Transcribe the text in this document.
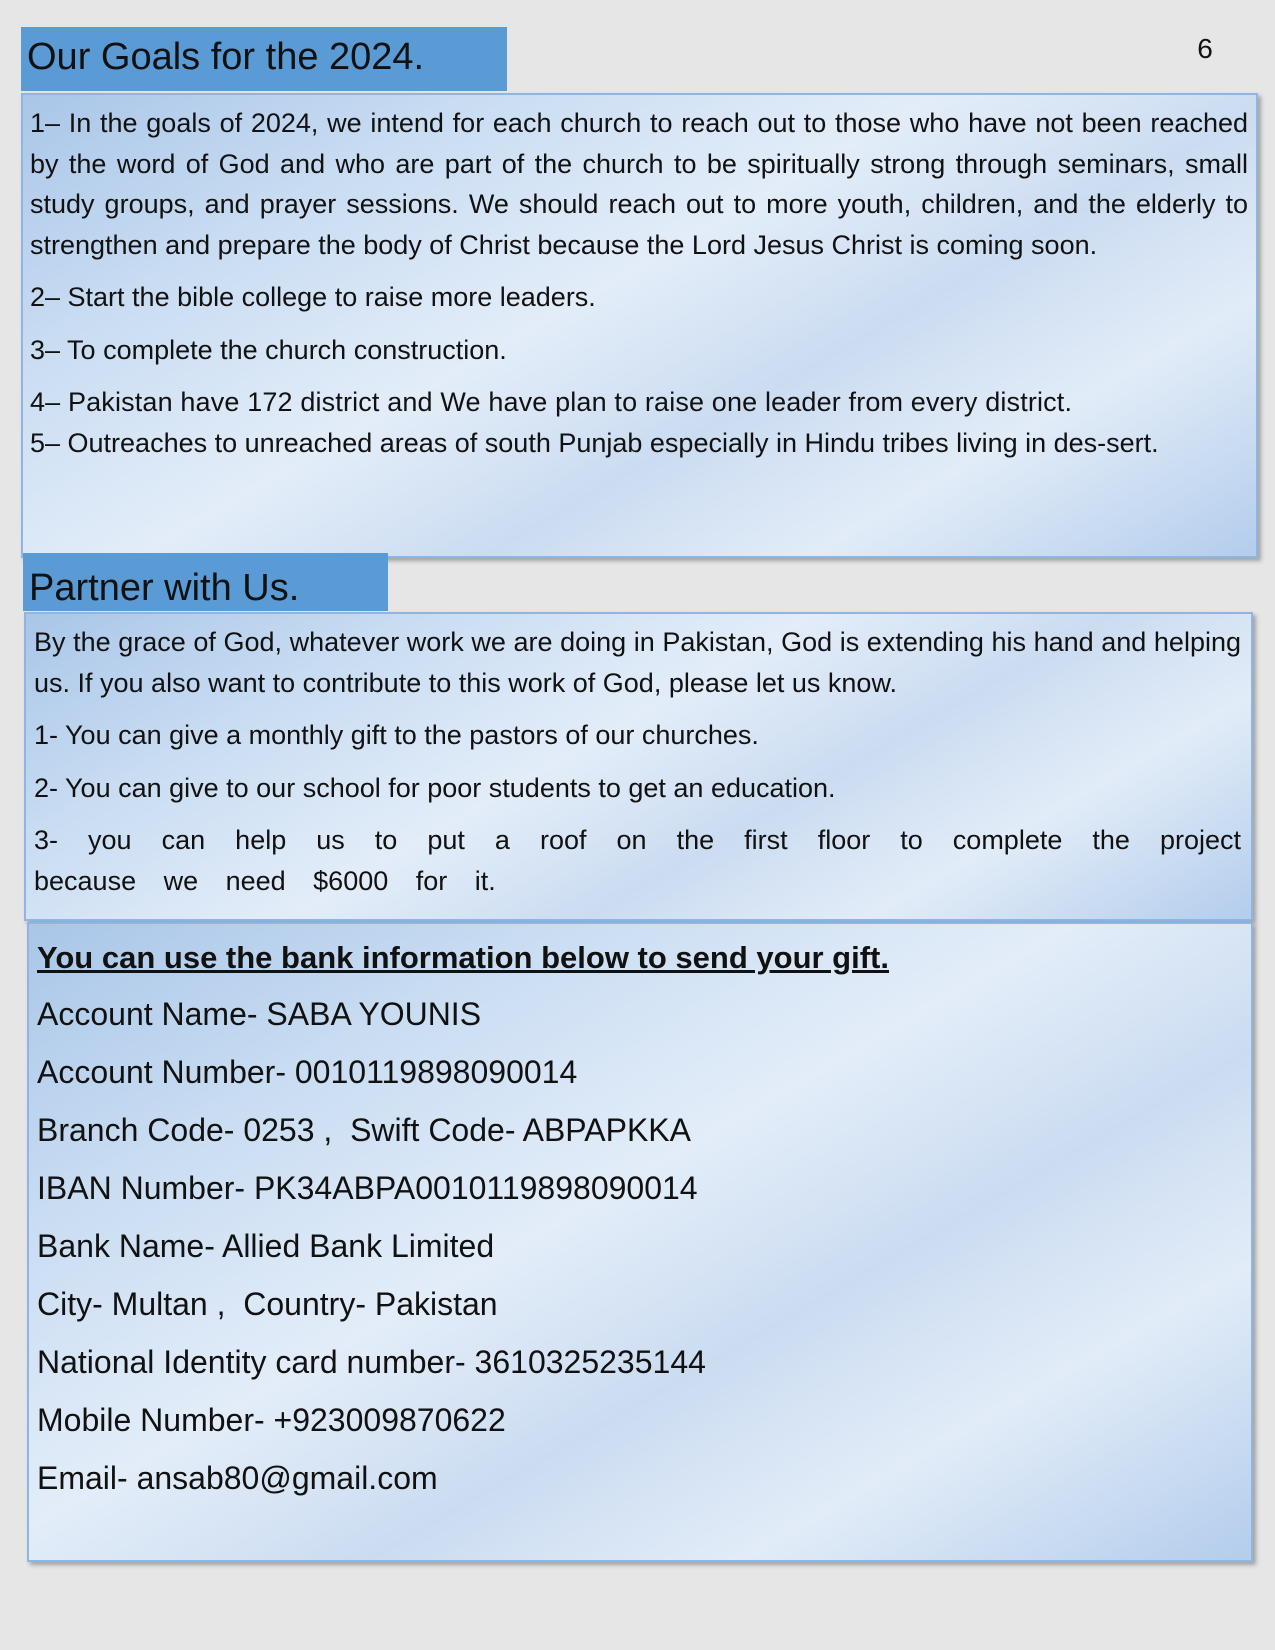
6
Our Goals for the 2024.

1– In the goals of 2024, we intend for each church to reach out to those who have not been reached by the word of God and who are part of the church to be spiritually strong through seminars, small study groups, and prayer sessions. We should reach out to more youth, children, and the elderly to strengthen and prepare the body of Christ because the Lord Jesus Christ is coming soon.

2– Start the bible college to raise more leaders.

3– To complete the church construction.

4– Pakistan have 172 district and We have plan to raise one leader from every district.

5– Outreaches to unreached areas of south Punjab especially in Hindu tribes living in des-sert.

Partner with Us.

By the grace of God, whatever work we are doing in Pakistan, God is extending his hand and helping us. If you also want to contribute to this work of God, please let us know.

1- You can give a monthly gift to the pastors of our churches.

2- You can give to our school for poor students to get an education.

3- you can help us to put a roof on the first floor to complete the project because we need $6000 for it.

You can use the bank information below to send your gift.

Account Name- SABA YOUNIS

Account Number- 0010119898090014

Branch Code- 0253 ,  Swift Code- ABPAPKKA

IBAN Number- PK34ABPA0010119898090014

Bank Name- Allied Bank Limited

City- Multan ,  Country- Pakistan

National Identity card number- 3610325235144

Mobile Number- +923009870622

Email- ansab80@gmail.com
